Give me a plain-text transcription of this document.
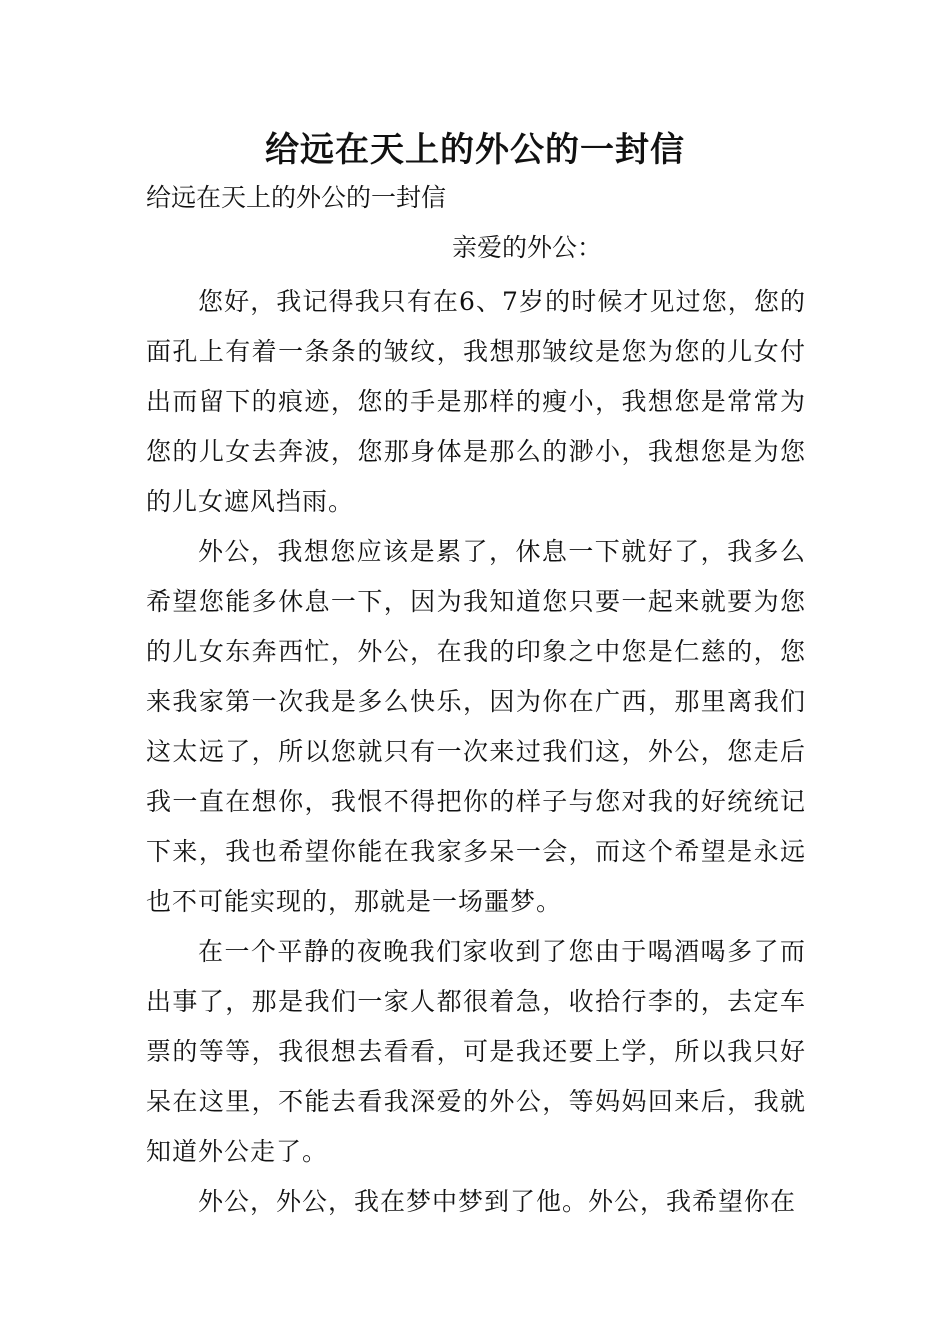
给远在天上的外公的一封信

给远在天上的外公的一封信

亲爱的外公：

您好，我记得我只有在6、7岁的时候才见过您，您的面孔上有着一条条的皱纹，我想那皱纹是您为您的儿女付出而留下的痕迹，您的手是那样的瘦小，我想您是常常为您的儿女去奔波，您那身体是那么的渺小，我想您是为您的儿女遮风挡雨。

外公，我想您应该是累了，休息一下就好了，我多么希望您能多休息一下，因为我知道您只要一起来就要为您的儿女东奔西忙，外公，在我的印象之中您是仁慈的，您来我家第一次我是多么快乐，因为你在广西，那里离我们这太远了，所以您就只有一次来过我们这，外公，您走后我一直在想你，我恨不得把你的样子与您对我的好统统记下来，我也希望你能在我家多呆一会，而这个希望是永远也不可能实现的，那就是一场噩梦。

在一个平静的夜晚我们家收到了您由于喝酒喝多了而出事了，那是我们一家人都很着急，收拾行李的，去定车票的等等，我很想去看看，可是我还要上学，所以我只好呆在这里，不能去看我深爱的外公，等妈妈回来后，我就知道外公走了。

外公，外公，我在梦中梦到了他。外公，我希望你在
